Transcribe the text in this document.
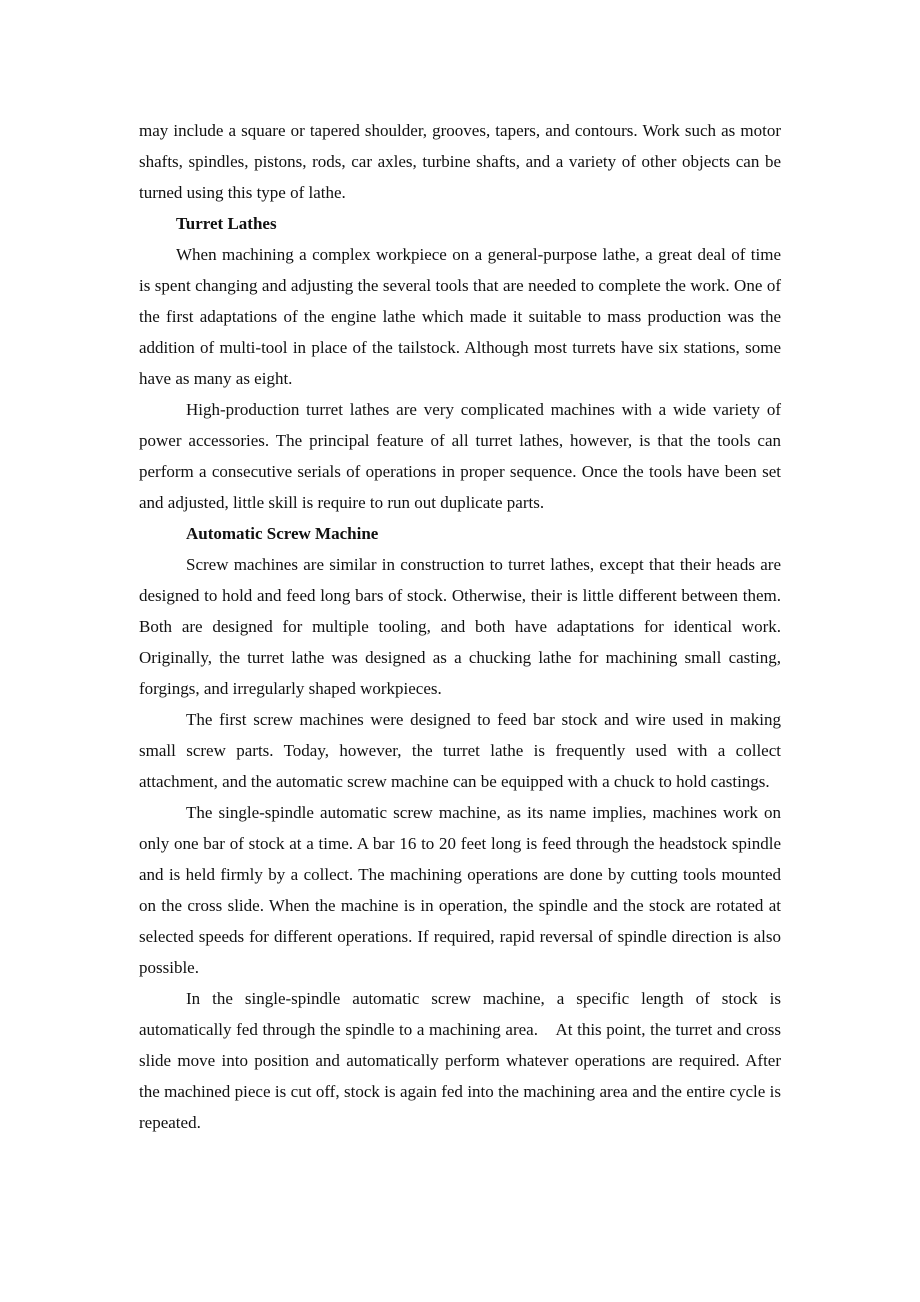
may include a square or tapered shoulder, grooves, tapers, and contours. Work such as motor shafts, spindles, pistons, rods, car axles, turbine shafts, and a variety of other objects can be turned using this type of lathe.

Turret Lathes

When machining a complex workpiece on a general-purpose lathe, a great deal of time is spent changing and adjusting the several tools that are needed to complete the work. One of the first adaptations of the engine lathe which made it suitable to mass production was the addition of multi-tool in place of the tailstock. Although most turrets have six stations, some have as many as eight.

High-production turret lathes are very complicated machines with a wide variety of power accessories. The principal feature of all turret lathes, however, is that the tools can perform a consecutive serials of operations in proper sequence. Once the tools have been set and adjusted, little skill is require to run out duplicate parts.

Automatic Screw Machine

Screw machines are similar in construction to turret lathes, except that their heads are designed to hold and feed long bars of stock. Otherwise, their is little different between them. Both are designed for multiple tooling, and both have adaptations for identical work. Originally, the turret lathe was designed as a chucking lathe for machining small casting, forgings, and irregularly shaped workpieces.

The first screw machines were designed to feed bar stock and wire used in making small screw parts. Today, however, the turret lathe is frequently used with a collect attachment, and the automatic screw machine can be equipped with a chuck to hold castings.

The single-spindle automatic screw machine, as its name implies, machines work on only one bar of stock at a time. A bar 16 to 20 feet long is feed through the headstock spindle and is held firmly by a collect. The machining operations are done by cutting tools mounted on the cross slide. When the machine is in operation, the spindle and the stock are rotated at selected speeds for different operations. If required, rapid reversal of spindle direction is also possible.

In the single-spindle automatic screw machine, a specific length of stock is automatically fed through the spindle to a machining area.    At this point, the turret and cross slide move into position and automatically perform whatever operations are required. After the machined piece is cut off, stock is again fed into the machining area and the entire cycle is repeated.
